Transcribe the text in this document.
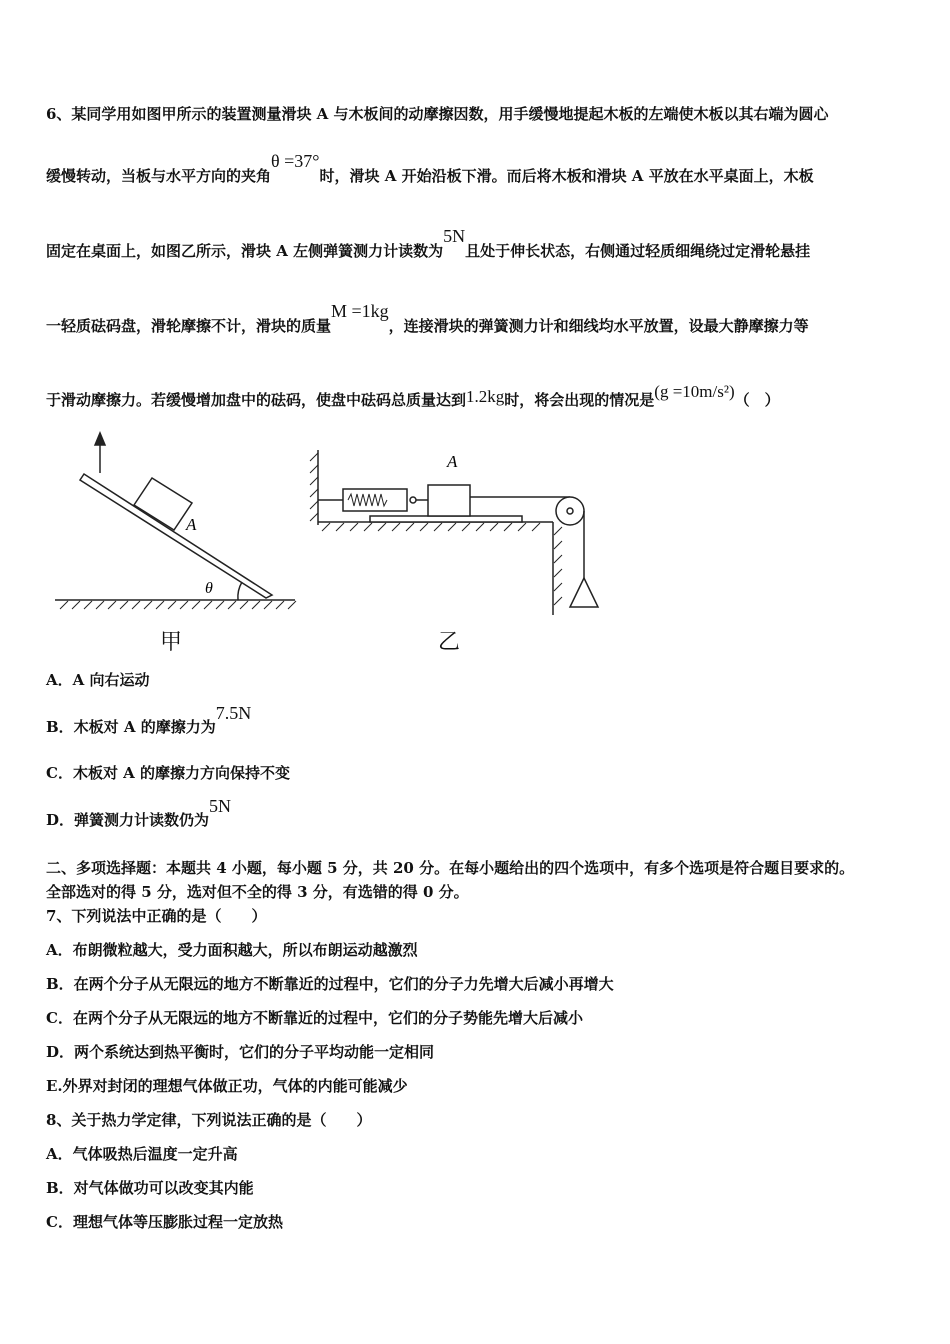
6、某同学用如图甲所示的装置测量滑块 A 与木板间的动摩擦因数，用手缓慢地提起木板的左端使木板以其右端为圆心
缓慢转动，当板与水平方向的夹角θ =37°时，滑块 A 开始沿板下滑。而后将木板和滑块 A 平放在水平桌面上，木板
固定在桌面上，如图乙所示，滑块 A 左侧弹簧测力计读数为5N且处于伸长状态，右侧通过轻质细绳绕过定滑轮悬挂
一轻质砝码盘，滑轮摩擦不计，滑块的质量M =1kg，连接滑块的弹簧测力计和细线均水平放置，设最大静摩擦力等
于滑动摩擦力。若缓慢增加盘中的砝码，使盘中砝码总质量达到1.2kg时，将会出现的情况是(g =10m/s²)（　）
A
θ
A
甲	乙
A．A 向右运动
B．木板对 A 的摩擦力为7.5N
C．木板对 A 的摩擦力方向保持不变
D．弹簧测力计读数仍为5N
二、多项选择题：本题共 4 小题，每小题 5 分，共 20 分。在每小题给出的四个选项中，有多个选项是符合题目要求的。
全部选对的得 5 分，选对但不全的得 3 分，有选错的得 0 分。
7、下列说法中正确的是（　　）
A．布朗微粒越大，受力面积越大，所以布朗运动越激烈
B．在两个分子从无限远的地方不断靠近的过程中，它们的分子力先增大后减小再增大
C．在两个分子从无限远的地方不断靠近的过程中，它们的分子势能先增大后减小
D．两个系统达到热平衡时，它们的分子平均动能一定相同
E.外界对封闭的理想气体做正功，气体的内能可能减少
8、关于热力学定律，下列说法正确的是（　　）
A．气体吸热后温度一定升高
B．对气体做功可以改变其内能
C．理想气体等压膨胀过程一定放热
